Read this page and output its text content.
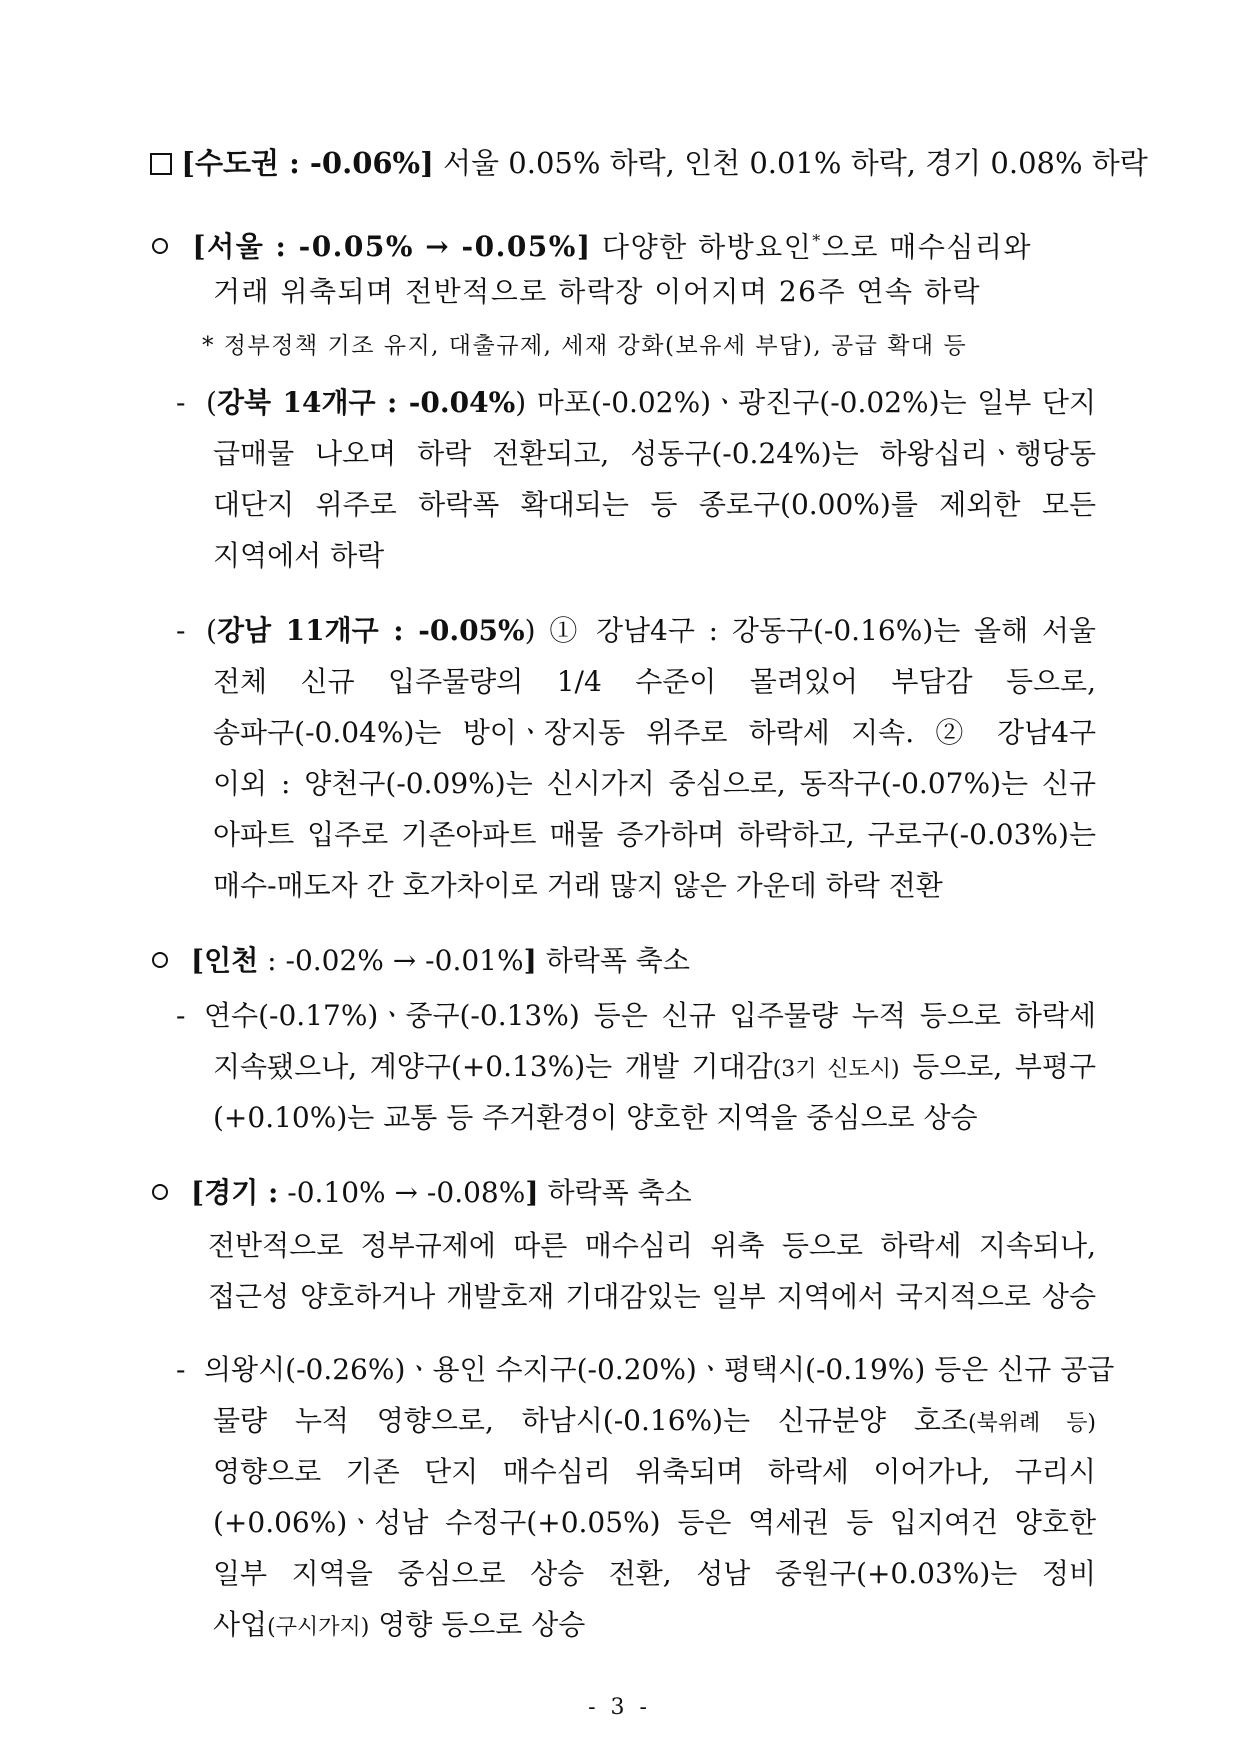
[수도권 : -0.06%] 서울 0.05% 하락, 인천 0.01% 하락, 경기 0.08% 하락
[서울 : -0.05% → -0.05%] 다양한 하방요인*으로 매수심리와
거래 위축되며 전반적으로 하락장 이어지며 26주 연속 하락
* 정부정책 기조 유지, 대출규제, 세재 강화(보유세 부담), 공급 확대 등
- (강북 14개구 : -0.04%) 마포(-0.02%)ㆍ광진구(-0.02%)는 일부 단지
급매물 나오며 하락 전환되고, 성동구(-0.24%)는 하왕십리ㆍ행당동
대단지 위주로 하락폭 확대되는 등 종로구(0.00%)를 제외한 모든
지역에서 하락
- (강남 11개구 : -0.05%) ① 강남4구 : 강동구(-0.16%)는 올해 서울
전체 신규 입주물량의 1/4 수준이 몰려있어 부담감 등으로,
송파구(-0.04%)는 방이ㆍ장지동 위주로 하락세 지속. ② 강남4구
이외 : 양천구(-0.09%)는 신시가지 중심으로, 동작구(-0.07%)는 신규
아파트 입주로 기존아파트 매물 증가하며 하락하고, 구로구(-0.03%)는
매수-매도자 간 호가차이로 거래 많지 않은 가운데 하락 전환
[인천 : -0.02% → -0.01%] 하락폭 축소
- 연수(-0.17%)ㆍ중구(-0.13%) 등은 신규 입주물량 누적 등으로 하락세
지속됐으나, 계양구(+0.13%)는 개발 기대감(3기 신도시) 등으로, 부평구
(+0.10%)는 교통 등 주거환경이 양호한 지역을 중심으로 상승
[경기 : -0.10% → -0.08%] 하락폭 축소
전반적으로 정부규제에 따른 매수심리 위축 등으로 하락세 지속되나,
접근성 양호하거나 개발호재 기대감있는 일부 지역에서 국지적으로 상승
- 의왕시(-0.26%)ㆍ용인 수지구(-0.20%)ㆍ평택시(-0.19%) 등은 신규 공급
물량 누적 영향으로, 하남시(-0.16%)는 신규분양 호조(북위례 등)
영향으로 기존 단지 매수심리 위축되며 하락세 이어가나, 구리시
(+0.06%)ㆍ성남 수정구(+0.05%) 등은 역세권 등 입지여건 양호한
일부 지역을 중심으로 상승 전환, 성남 중원구(+0.03%)는 정비
사업(구시가지) 영향 등으로 상승
- 3 -
